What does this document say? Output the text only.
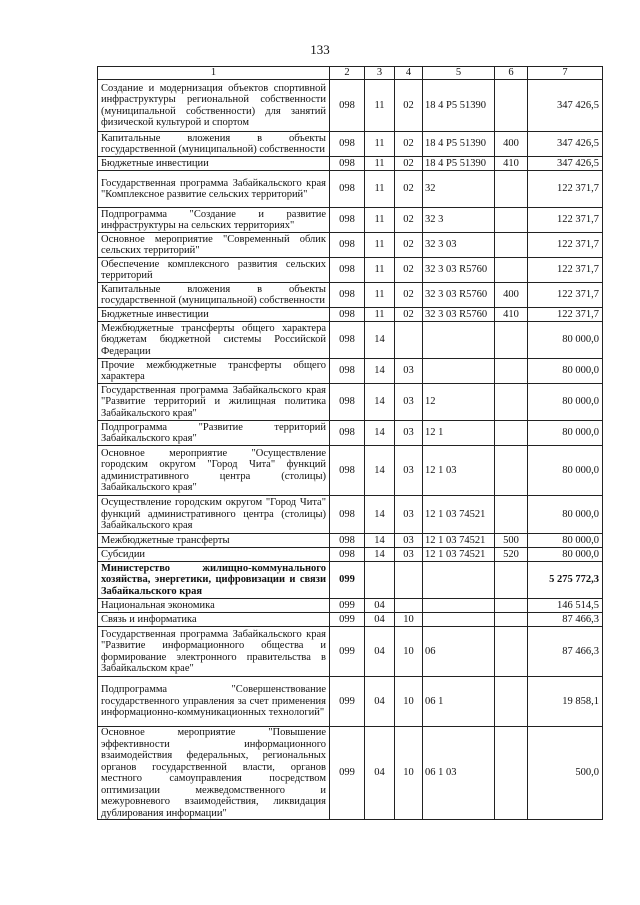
133
1	2	3	4	5	6	7
Создание и модернизация объектов спортивной инфраструктуры региональной собственности (муниципальной собственности) для занятий физической культурой и спортом	098	11	02	18 4 Р5 51390		347 426,5
Капитальные вложения в объекты государственной (муниципальной) собственности	098	11	02	18 4 Р5 51390	400	347 426,5
Бюджетные инвестиции	098	11	02	18 4 Р5 51390	410	347 426,5
Государственная программа Забайкальского края "Комплексное развитие сельских территорий"	098	11	02	32		122 371,7
Подпрограмма "Создание и развитие инфраструктуры на сельских территориях"	098	11	02	32 3		122 371,7
Основное мероприятие "Современный облик сельских территорий"	098	11	02	32 3 03		122 371,7
Обеспечение комплексного развития сельских территорий	098	11	02	32 3 03 R5760		122 371,7
Капитальные вложения в объекты государственной (муниципальной) собственности	098	11	02	32 3 03 R5760	400	122 371,7
Бюджетные инвестиции	098	11	02	32 3 03 R5760	410	122 371,7
Межбюджетные трансферты общего характера бюджетам бюджетной системы Российской Федерации	098	14				80 000,0
Прочие межбюджетные трансферты общего характера	098	14	03			80 000,0
Государственная программа Забайкальского края "Развитие территорий и жилищная политика Забайкальского края"	098	14	03	12		80 000,0
Подпрограмма "Развитие территорий Забайкальского края"	098	14	03	12 1		80 000,0
Основное мероприятие "Осуществление городским округом "Город Чита" функций административного центра (столицы) Забайкальского края"	098	14	03	12 1 03		80 000,0
Осуществление городским округом "Город Чита" функций административного центра (столицы) Забайкальского края	098	14	03	12 1 03 74521		80 000,0
Межбюджетные трансферты	098	14	03	12 1 03 74521	500	80 000,0
Субсидии	098	14	03	12 1 03 74521	520	80 000,0
Министерство жилищно-коммунального хозяйства, энергетики, цифровизации и связи Забайкальского края	099					5 275 772,3
Национальная экономика	099	04				146 514,5
Связь и информатика	099	04	10			87 466,3
Государственная программа Забайкальского края "Развитие информационного общества и формирование электронного правительства в Забайкальском крае"	099	04	10	06		87 466,3
Подпрограмма "Совершенствование государственного управления за счет применения информационно-коммуникационных технологий"	099	04	10	06 1		19 858,1
Основное мероприятие "Повышение эффективности информационного взаимодействия федеральных, региональных органов государственной власти, органов местного самоуправления посредством оптимизации межведомственного и межуровневого взаимодействия, ликвидация дублирования информации"	099	04	10	06 1 03		500,0
